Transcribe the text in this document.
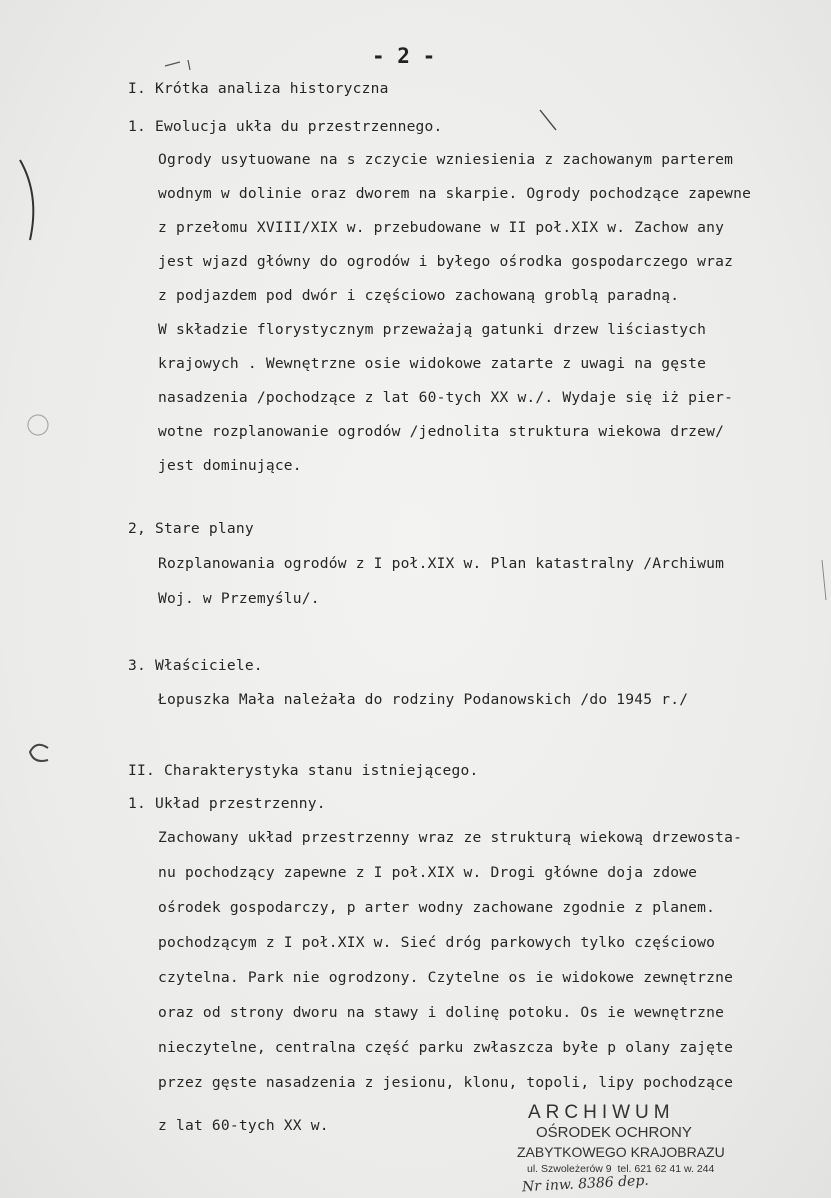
- 2 -
I. Krótka analiza historyczna
1. Ewolucja ukła du przestrzennego.
Ogrody usytuowane na s zczycie wzniesienia z zachowanym parterem
wodnym w dolinie oraz dworem na skarpie. Ogrody pochodzące zapewne
z przełomu XVIII/XIX w. przebudowane w II poł.XIX w. Zachow any
jest wjazd główny do ogrodów i byłego ośrodka gospodarczego wraz
z podjazdem pod dwór i częściowo zachowaną groblą paradną.
W składzie florystycznym przeważają gatunki drzew liściastych
krajowych . Wewnętrzne osie widokowe zatarte z uwagi na gęste
nasadzenia /pochodzące z lat 60-tych XX w./. Wydaje się iż pier-
wotne rozplanowanie ogrodów /jednolita struktura wiekowa drzew/
jest dominujące.
2, Stare plany
Rozplanowania ogrodów z I poł.XIX w. Plan katastralny /Archiwum
Woj. w Przemyślu/.
3. Właściciele.
Łopuszka Mała należała do rodziny Podanowskich /do 1945 r./
II. Charakterystyka stanu istniejącego.
1. Układ przestrzenny.
Zachowany układ przestrzenny wraz ze strukturą wiekową drzewosta-
nu pochodzący zapewne z I poł.XIX w. Drogi główne doja zdowe
ośrodek gospodarczy, p arter wodny zachowane zgodnie z planem.
pochodzącym z I poł.XIX w. Sieć dróg parkowych tylko częściowo
czytelna. Park nie ogrodzony. Czytelne os ie widokowe zewnętrzne
oraz od strony dworu na stawy i dolinę potoku. Os ie wewnętrzne
nieczytelne, centralna część parku zwłaszcza byłe p olany zajęte
przez gęste nasadzenia z jesionu, klonu, topoli, lipy pochodzące
z lat 60-tych XX w.
ARCHIWUM
OŚRODEK OCHRONY
ZABYTKOWEGO KRAJOBRAZU
ul. Szwoleżerów 9  tel. 621 62 41 w. 244
Nr inw. 8386 dep.
